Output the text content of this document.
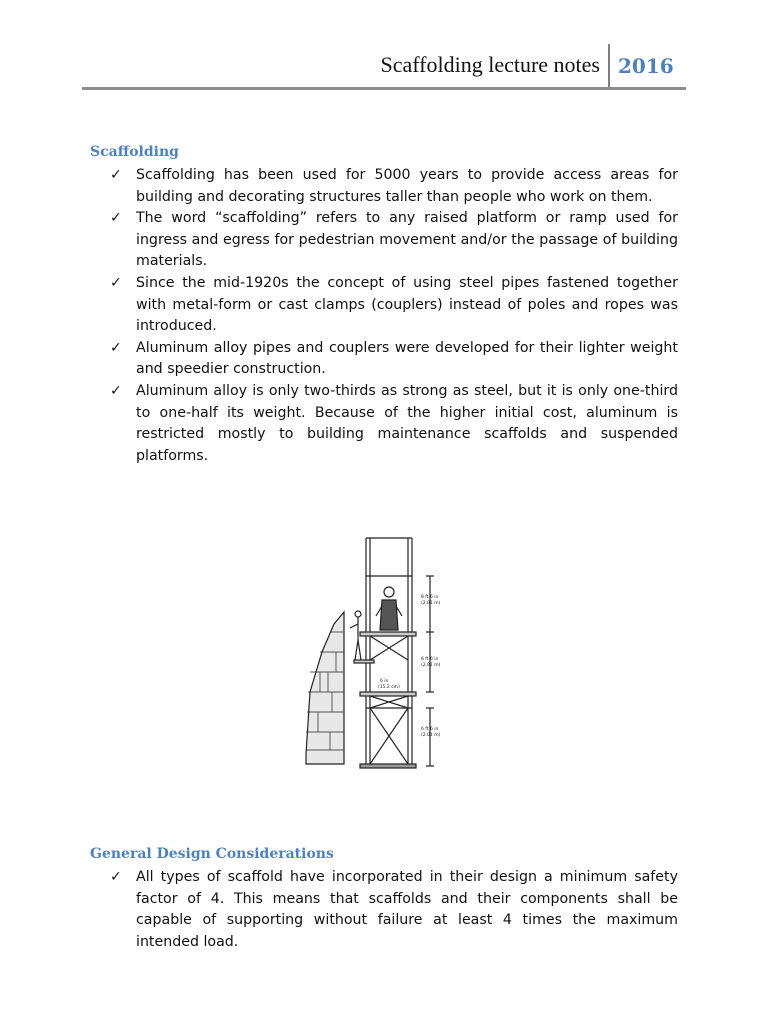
Scaffolding lecture notes 2016
Scaffolding
✓ Scaffolding has been used for 5000 years to provide access areas for building and decorating structures taller than people who work on them.
✓ The word “scaffolding” refers to any raised platform or ramp used for ingress and egress for pedestrian movement and/or the passage of building materials.
✓ Since the mid-1920s the concept of using steel pipes fastened together with metal-form or cast clamps (couplers) instead of poles and ropes was introduced.
✓ Aluminum alloy pipes and couplers were developed for their lighter weight and speedier construction.
✓ Aluminum alloy is only two-thirds as strong as steel, but it is only one-third to one-half its weight. Because of the higher initial cost, aluminum is restricted mostly to building maintenance scaffolds and suspended platforms.
6 ft 6 in
(2.01 m)
6 ft 6 in
(2.01 m)
6 in
(15.2 cm)
6 ft 6 in
(2.01 m)
General Design Considerations
✓ All types of scaffold have incorporated in their design a minimum safety factor of 4. This means that scaffolds and their components shall be capable of supporting without failure at least 4 times the maximum intended load.
